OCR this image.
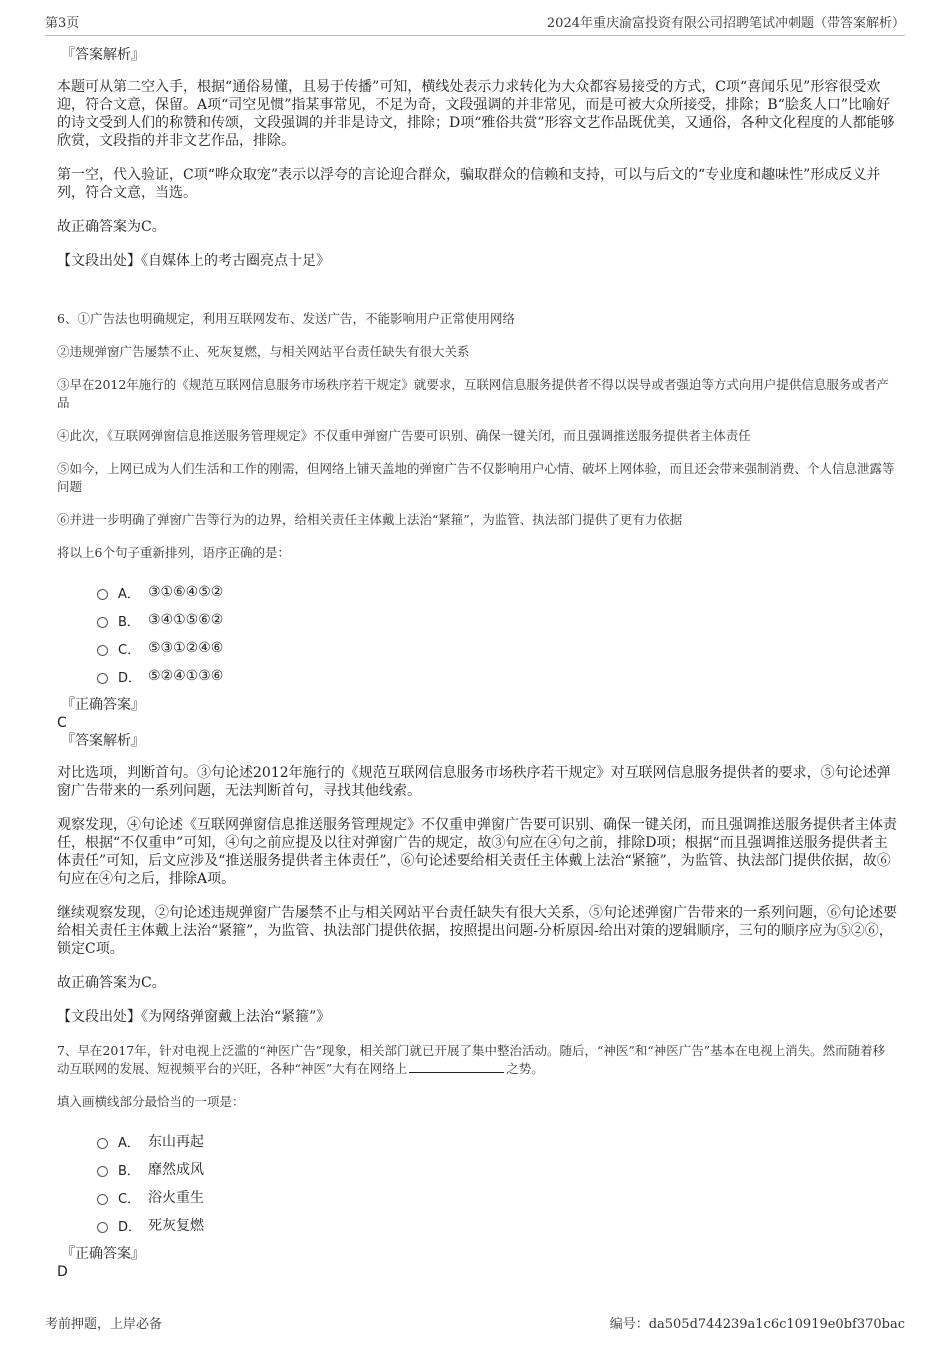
第3页	2024年重庆渝富投资有限公司招聘笔试冲刺题（带答案解析）

『答案解析』

本题可从第二空入手，根据“通俗易懂，且易于传播”可知，横线处表示力求转化为大众都容易接受的方式，C项“喜闻乐见”形容很受欢迎，符合文意，保留。A项“司空见惯”指某事常见，不足为奇，文段强调的并非常见，而是可被大众所接受，排除；B“脍炙人口”比喻好的诗文受到人们的称赞和传颂，文段强调的并非是诗文，排除；D项“雅俗共赏”形容文艺作品既优美，又通俗，各种文化程度的人都能够欣赏，文段指的并非文艺作品，排除。

第一空，代入验证，C项“哗众取宠”表示以浮夸的言论迎合群众，骗取群众的信赖和支持，可以与后文的“专业度和趣味性”形成反义并列，符合文意，当选。

故正确答案为C。

【文段出处】《自媒体上的考古圈亮点十足》

6、①广告法也明确规定，利用互联网发布、发送广告，不能影响用户正常使用网络

②违规弹窗广告屡禁不止、死灰复燃，与相关网站平台责任缺失有很大关系

③早在2012年施行的《规范互联网信息服务市场秩序若干规定》就要求，互联网信息服务提供者不得以误导或者强迫等方式向用户提供信息服务或者产品

④此次，《互联网弹窗信息推送服务管理规定》不仅重申弹窗广告要可识别、确保一键关闭，而且强调推送服务提供者主体责任

⑤如今，上网已成为人们生活和工作的刚需，但网络上铺天盖地的弹窗广告不仅影响用户心情、破坏上网体验，而且还会带来强制消费、个人信息泄露等问题

⑥并进一步明确了弹窗广告等行为的边界，给相关责任主体戴上法治“紧箍”，为监管、执法部门提供了更有力依据

将以上6个句子重新排列，语序正确的是：

A． ③①⑥④⑤②
B． ③④①⑤⑥②
C． ⑤③①②④⑥
D． ⑤②④①③⑥

『正确答案』

C

『答案解析』

对比选项，判断首句。③句论述2012年施行的《规范互联网信息服务市场秩序若干规定》对互联网信息服务提供者的要求，⑤句论述弹窗广告带来的一系列问题，无法判断首句，寻找其他线索。

观察发现，④句论述《互联网弹窗信息推送服务管理规定》不仅重申弹窗广告要可识别、确保一键关闭，而且强调推送服务提供者主体责任，根据“不仅重申”可知，④句之前应提及以往对弹窗广告的规定，故③句应在④句之前，排除D项；根据“而且强调推送服务提供者主体责任”可知，后文应涉及“推送服务提供者主体责任”，⑥句论述要给相关责任主体戴上法治“紧箍”，为监管、执法部门提供依据，故⑥句应在④句之后，排除A项。

继续观察发现，②句论述违规弹窗广告屡禁不止与相关网站平台责任缺失有很大关系，⑤句论述弹窗广告带来的一系列问题，⑥句论述要给相关责任主体戴上法治“紧箍”，为监管、执法部门提供依据，按照提出问题-分析原因-给出对策的逻辑顺序，三句的顺序应为⑤②⑥，锁定C项。

故正确答案为C。

【文段出处】《为网络弹窗戴上法治“紧箍”》

7、早在2017年，针对电视上泛滥的“神医广告”现象，相关部门就已开展了集中整治活动。随后，“神医”和“神医广告”基本在电视上消失。然而随着移动互联网的发展、短视频平台的兴旺，各种“神医”大有在网络上	之势。

填入画横线部分最恰当的一项是：

A． 东山再起
B． 靡然成风
C． 浴火重生
D． 死灰复燃

『正确答案』

D

考前押题，上岸必备	编号：da505d744239a1c6c10919e0bf370bac
